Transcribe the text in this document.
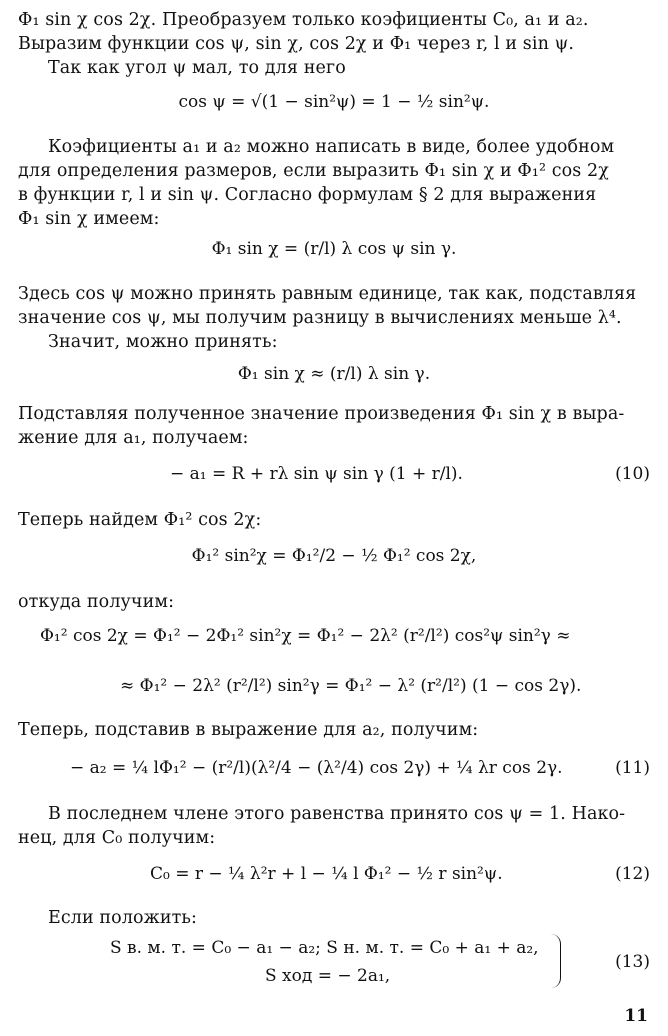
Φ₁ sin χ cos 2χ. Преобразуем только коэфициенты C₀, a₁ и a₂.
Выразим функции cos ψ, sin χ, cos 2χ и Φ₁ через r, l и sin ψ.
Так как угол ψ мал, то для него
cos ψ = √(1 − sin²ψ) = 1 − ½ sin²ψ.
Коэфициенты a₁ и a₂ можно написать в виде, более удобном
для определения размеров, если выразить Φ₁ sin χ и Φ₁² cos 2χ
в функции r, l и sin ψ. Согласно формулам § 2 для выражения
Φ₁ sin χ имеем:
Φ₁ sin χ = (r/l) λ cos ψ sin γ.
Здесь cos ψ можно принять равным единице, так как, подставляя
значение cos ψ, мы получим разницу в вычислениях меньше λ⁴.
Значит, можно принять:
Φ₁ sin χ ≈ (r/l) λ sin γ.
Подставляя полученное значение произведения Φ₁ sin χ в выра-
жение для a₁, получаем:
− a₁ = R + rλ sin ψ sin γ (1 + r/l).	(10)
Теперь найдем Φ₁² cos 2χ:
Φ₁² sin²χ = Φ₁²/2 − ½ Φ₁² cos 2χ,
откуда получим:
Φ₁² cos 2χ = Φ₁² − 2Φ₁² sin²χ = Φ₁² − 2λ² (r²/l²) cos²ψ sin²γ ≈
≈ Φ₁² − 2λ² (r²/l²) sin²γ = Φ₁² − λ² (r²/l²) (1 − cos 2γ).
Теперь, подставив в выражение для a₂, получим:
− a₂ = ¼ lΦ₁² − (r²/l)(λ²/4 − (λ²/4) cos 2γ) + ¼ λr cos 2γ.	(11)
В последнем члене этого равенства принято cos ψ = 1. Нако-
нец, для C₀ получим:
C₀ = r − ¼ λ²r + l − ¼ l Φ₁² − ½ r sin²ψ.	(12)
Если положить:
S в. м. т. = C₀ − a₁ − a₂; S н. м. т. = C₀ + a₁ + a₂,
S ход = − 2a₁,
(13)
11
